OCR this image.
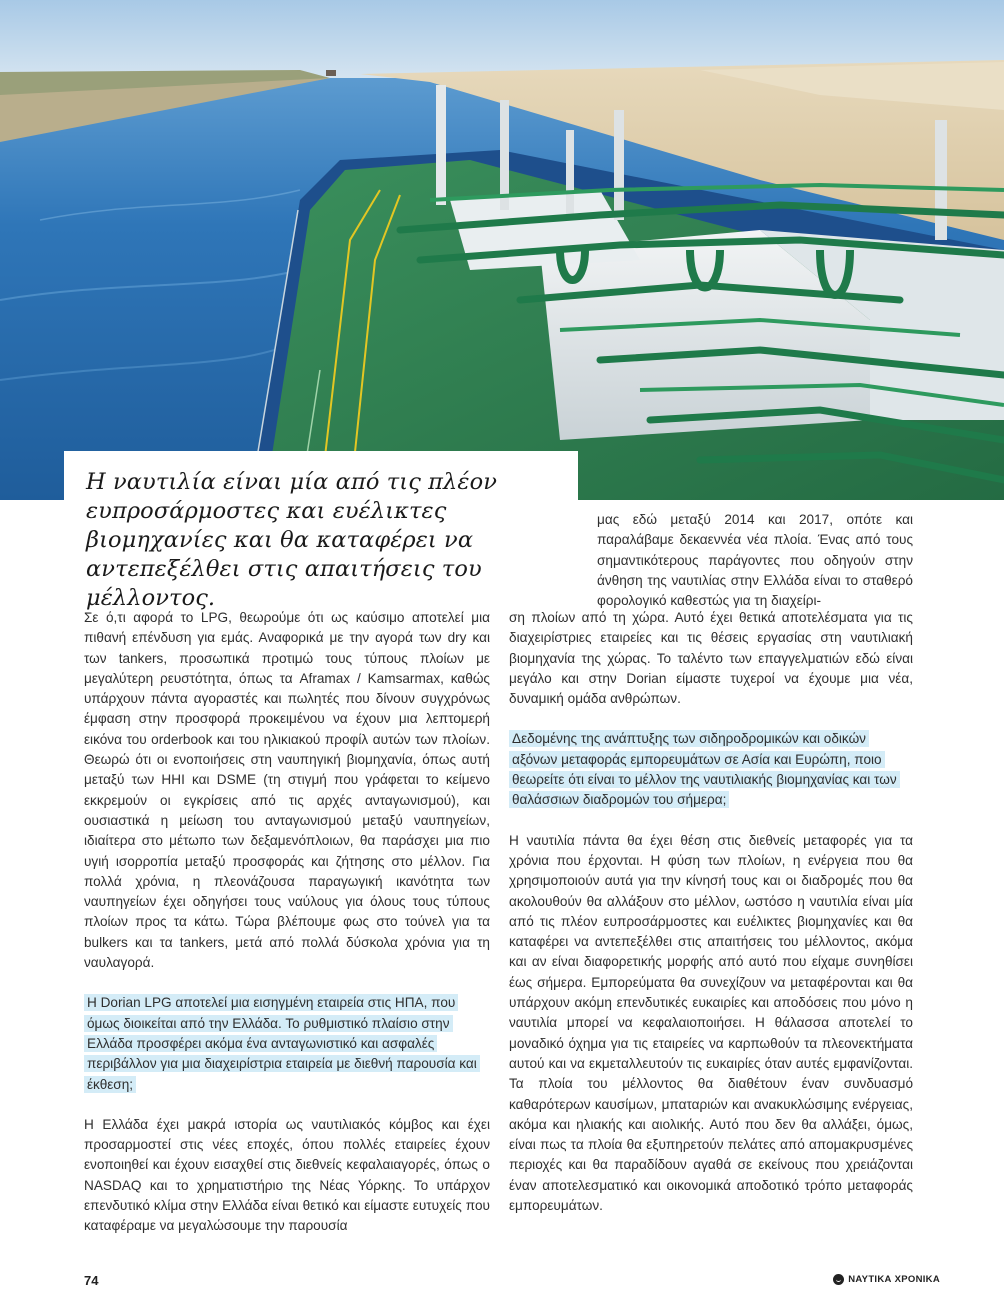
Η ναυτιλία είναι μία από τις πλέον ευπροσάρμοστες και ευέλικτες βιομηχανίες και θα καταφέρει να αντεπεξέλθει στις απαιτήσεις του μέλλοντος.

μας εδώ μεταξύ 2014 και 2017, οπότε και παραλάβαμε δεκαεννέα νέα πλοία. Ένας από τους σημαντικότερους παράγοντες που οδηγούν στην άνθηση της ναυτιλίας στην Ελλάδα είναι το σταθερό φορολογικό καθεστώς για τη διαχείρι-

Σε ό,τι αφορά το LPG, θεωρούμε ότι ως καύσιμο αποτελεί μια πιθανή επένδυση για εμάς. Αναφορικά με την αγορά των dry και των tankers, προσωπικά προτιμώ τους τύπους πλοίων με μεγαλύτερη ρευστότητα, όπως τα Aframax / Kamsarmax, καθώς υπάρχουν πάντα αγοραστές και πωλητές που δίνουν συγχρόνως έμφαση στην προσφορά προκειμένου να έχουν μια λεπτομερή εικόνα του orderbook και του ηλικιακού προφίλ αυτών των πλοίων. Θεωρώ ότι οι ενοποιήσεις στη ναυπηγική βιομηχανία, όπως αυτή μεταξύ των HHI και DSME (τη στιγμή που γράφεται το κείμενο εκκρεμούν οι εγκρίσεις από τις αρχές ανταγωνισμού), και ουσιαστικά η μείωση του ανταγωνισμού μεταξύ ναυπηγείων, ιδιαίτερα στο μέτωπο των δεξαμενόπλοιων, θα παράσχει μια πιο υγιή ισορροπία μεταξύ προσφοράς και ζήτησης στο μέλλον. Για πολλά χρόνια, η πλεονάζουσα παραγωγική ικανότητα των ναυπηγείων έχει οδηγήσει τους ναύλους για όλους τους τύπους πλοίων προς τα κάτω. Τώρα βλέπουμε φως στο τούνελ για τα bulkers και τα tankers, μετά από πολλά δύσκολα χρόνια για τη ναυλαγορά.

Η Dorian LPG αποτελεί μια εισηγμένη εταιρεία στις ΗΠΑ, που όμως διοικείται από την Ελλάδα. Το ρυθμιστικό πλαίσιο στην Ελλάδα προσφέρει ακόμα ένα ανταγωνιστικό και ασφαλές περιβάλλον για μια διαχειρίστρια εταιρεία με διεθνή παρουσία και έκθεση;

Η Ελλάδα έχει μακρά ιστορία ως ναυτιλιακός κόμβος και έχει προσαρμοστεί στις νέες εποχές, όπου πολλές εταιρείες έχουν ενοποιηθεί και έχουν εισαχθεί στις διεθνείς κεφαλαιαγορές, όπως ο NASDAQ και το χρηματιστήριο της Νέας Υόρκης. Το υπάρχον επενδυτικό κλίμα στην Ελλάδα είναι θετικό και είμαστε ευτυχείς που καταφέραμε να μεγαλώσουμε την παρουσία

ση πλοίων από τη χώρα. Αυτό έχει θετικά αποτελέσματα για τις διαχειρίστριες εταιρείες και τις θέσεις εργασίας στη ναυτιλιακή βιομηχανία της χώρας. Το ταλέντο των επαγγελματιών εδώ είναι μεγάλο και στην Dorian είμαστε τυχεροί να έχουμε μια νέα, δυναμική ομάδα ανθρώπων.

Δεδομένης της ανάπτυξης των σιδηροδρομικών και οδικών αξόνων μεταφοράς εμπορευμάτων σε Ασία και Ευρώπη, ποιο θεωρείτε ότι είναι το μέλλον της ναυτιλιακής βιομηχανίας και των θαλάσσιων διαδρομών του σήμερα;

Η ναυτιλία πάντα θα έχει θέση στις διεθνείς μεταφορές για τα χρόνια που έρχονται. Η φύση των πλοίων, η ενέργεια που θα χρησιμοποιούν αυτά για την κίνησή τους και οι διαδρομές που θα ακολουθούν θα αλλάξουν στο μέλλον, ωστόσο η ναυτιλία είναι μία από τις πλέον ευπροσάρμοστες και ευέλικτες βιομηχανίες και θα καταφέρει να αντεπεξέλθει στις απαιτήσεις του μέλλοντος, ακόμα και αν είναι διαφορετικής μορφής από αυτό που είχαμε συνηθίσει έως σήμερα. Εμπορεύματα θα συνεχίζουν να μεταφέρονται και θα υπάρχουν ακόμη επενδυτικές ευκαιρίες και αποδόσεις που μόνο η ναυτιλία μπορεί να κεφαλαιοποιήσει. Η θάλασσα αποτελεί το μοναδικό όχημα για τις εταιρείες να καρπωθούν τα πλεονεκτήματα αυτού και να εκμεταλλευτούν τις ευκαιρίες όταν αυτές εμφανίζονται. Τα πλοία του μέλλοντος θα διαθέτουν έναν συνδυασμό καθαρότερων καυσίμων, μπαταριών και ανακυκλώσιμης ενέργειας, ακόμα και ηλιακής και αιολικής. Αυτό που δεν θα αλλάξει, όμως, είναι πως τα πλοία θα εξυπηρετούν πελάτες από απομακρυσμένες περιοχές και θα παραδίδουν αγαθά σε εκείνους που χρειάζονται έναν αποτελεσματικό και οικονομικά αποδοτικό τρόπο μεταφοράς εμπορευμάτων.

74	ΝΑΥΤΙΚΑ ΧΡΟΝΙΚΑ
